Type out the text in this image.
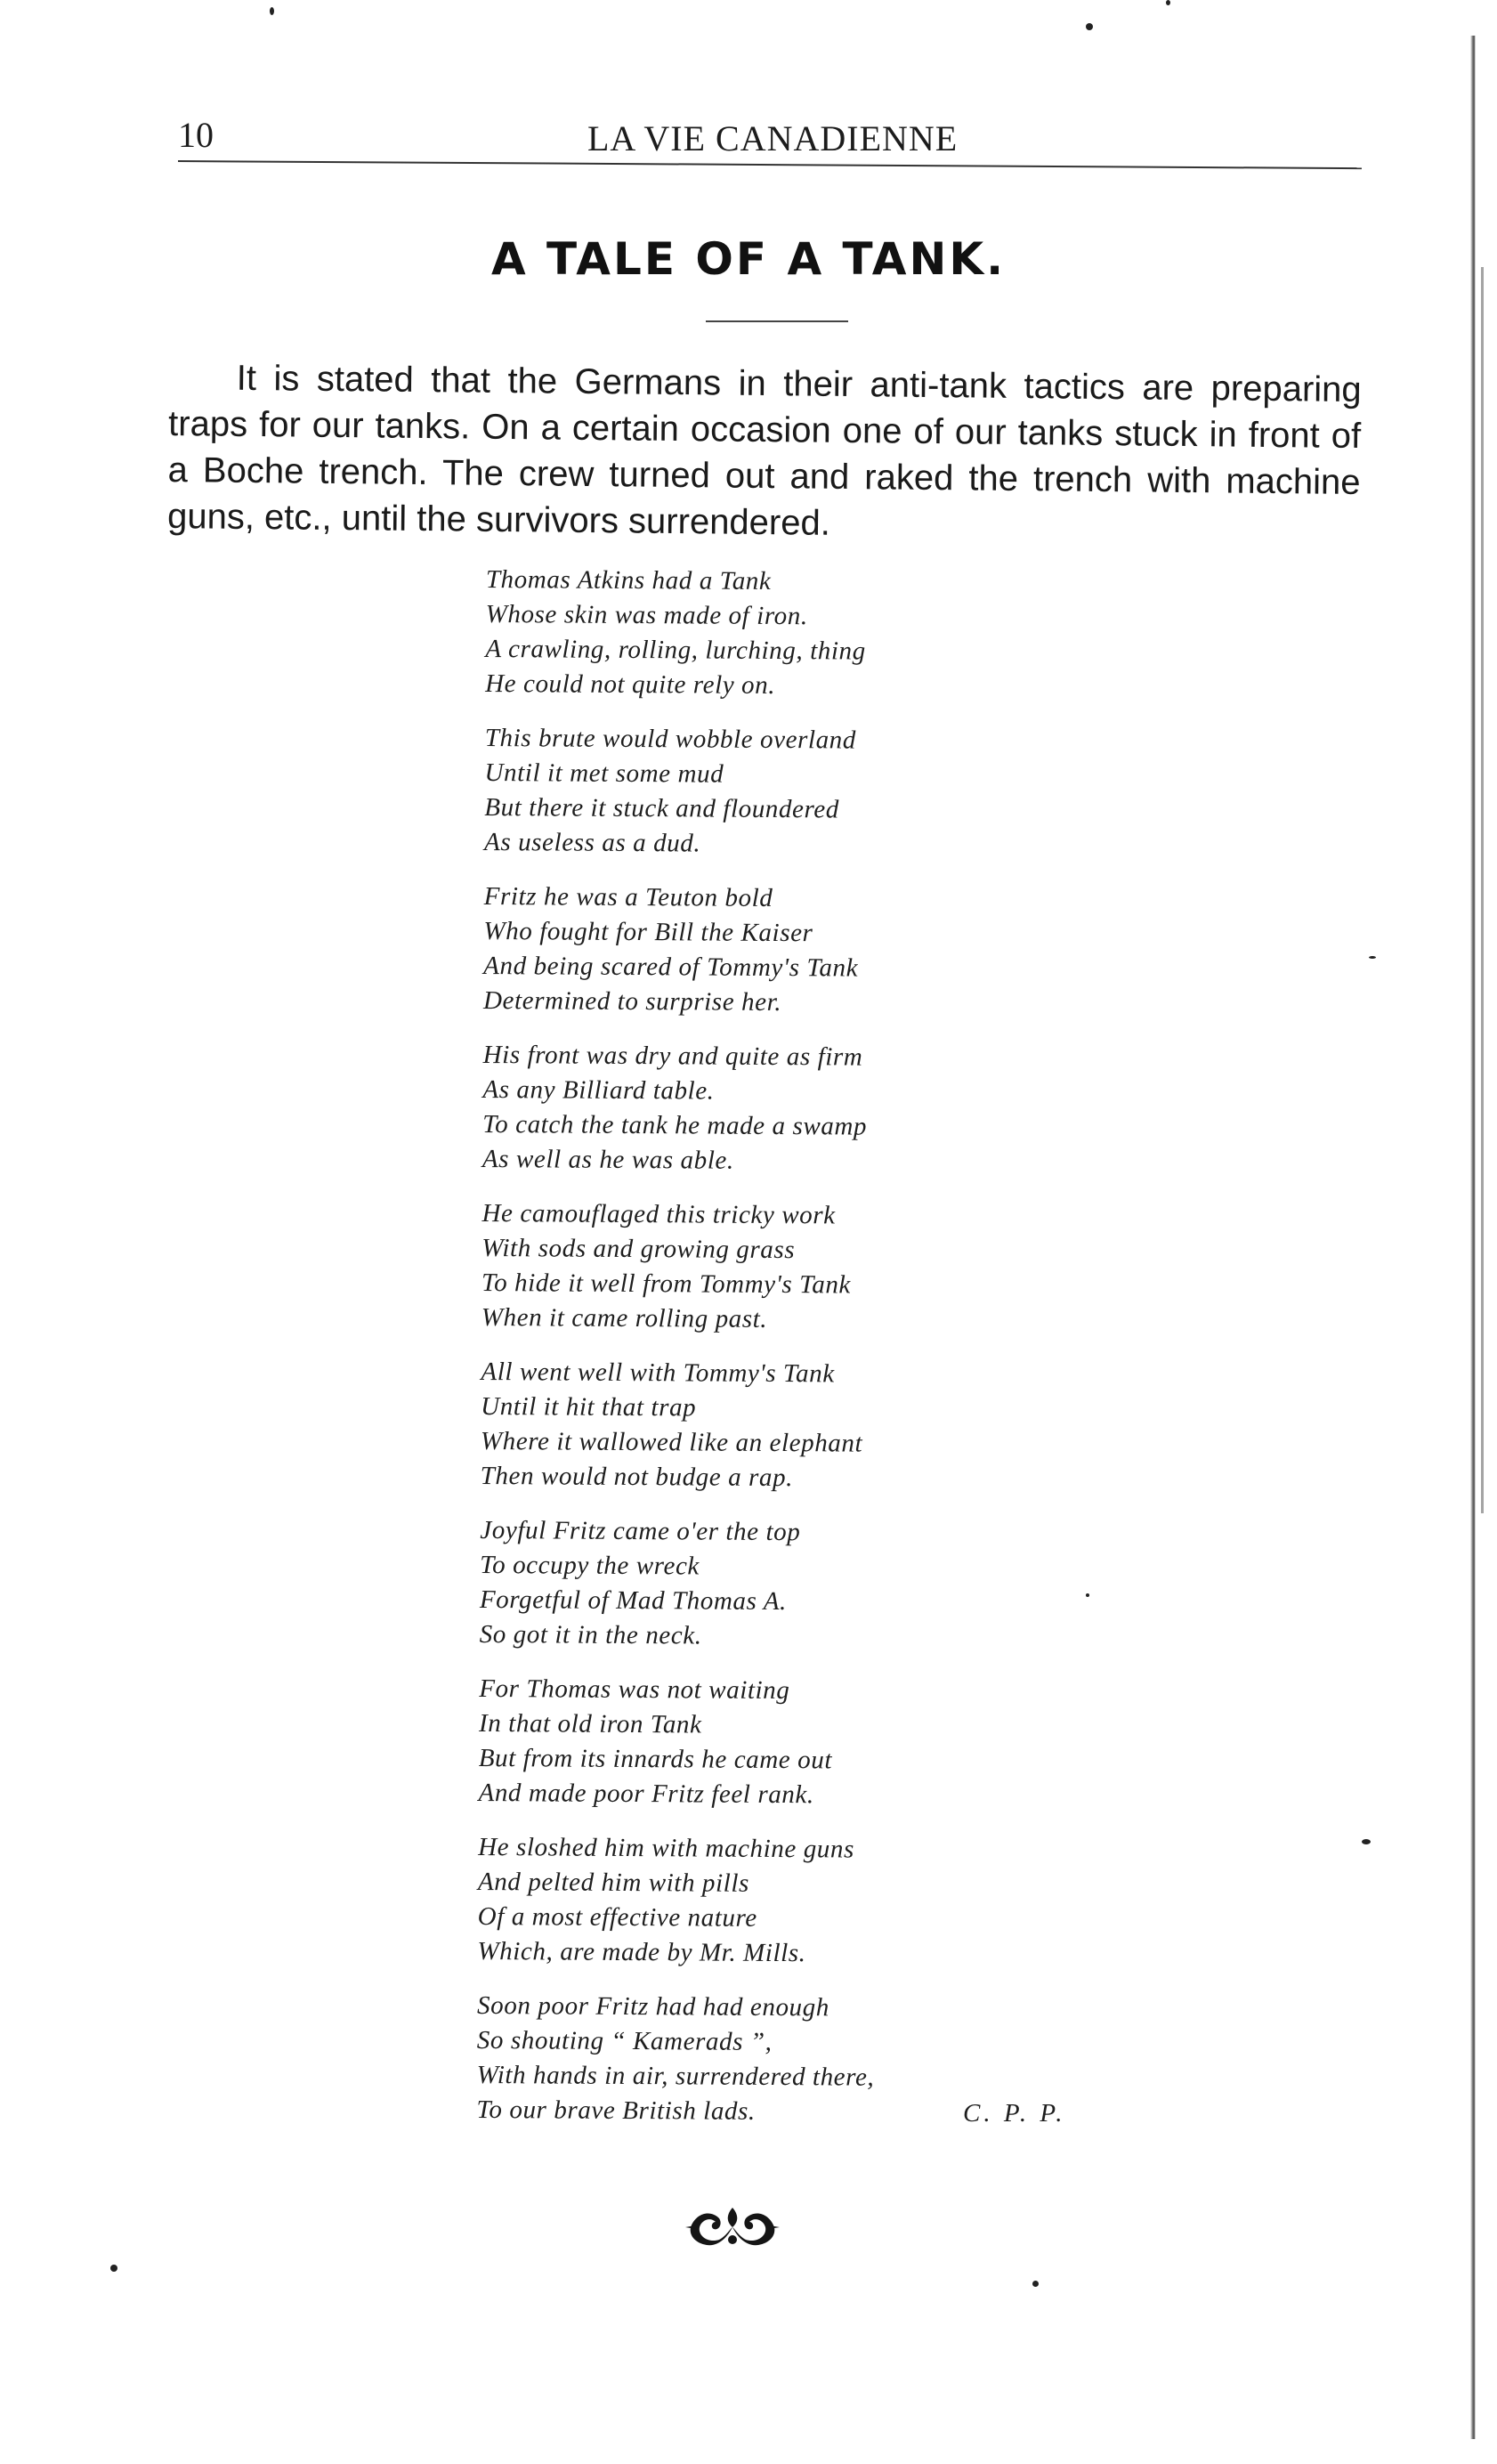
10	LA VIE CANADIENNE
A TALE OF A TANK.

It is stated that the Germans in their anti-tank tactics are preparing traps for our tanks. On a certain occasion one of our tanks stuck in front of a Boche trench. The crew turned out and raked the trench with machine guns, etc., until the survivors surrendered.

Thomas Atkins had a Tank
Whose skin was made of iron.
A crawling, rolling, lurching, thing
He could not quite rely on.
This brute would wobble overland
Until it met some mud
But there it stuck and floundered
As useless as a dud.
Fritz he was a Teuton bold
Who fought for Bill the Kaiser
And being scared of Tommy's Tank
Determined to surprise her.
His front was dry and quite as firm
As any Billiard table.
To catch the tank he made a swamp
As well as he was able.
He camouflaged this tricky work
With sods and growing grass
To hide it well from Tommy's Tank
When it came rolling past.
All went well with Tommy's Tank
Until it hit that trap
Where it wallowed like an elephant
Then would not budge a rap.
Joyful Fritz came o'er the top
To occupy the wreck
Forgetful of Mad Thomas A.
So got it in the neck.
For Thomas was not waiting
In that old iron Tank
But from its innards he came out
And made poor Fritz feel rank.
He sloshed him with machine guns
And pelted him with pills
Of a most effective nature
Which, are made by Mr. Mills.
Soon poor Fritz had had enough
So shouting “ Kamerads ”,
With hands in air, surrendered there,
To our brave British lads.	C. P. P.
